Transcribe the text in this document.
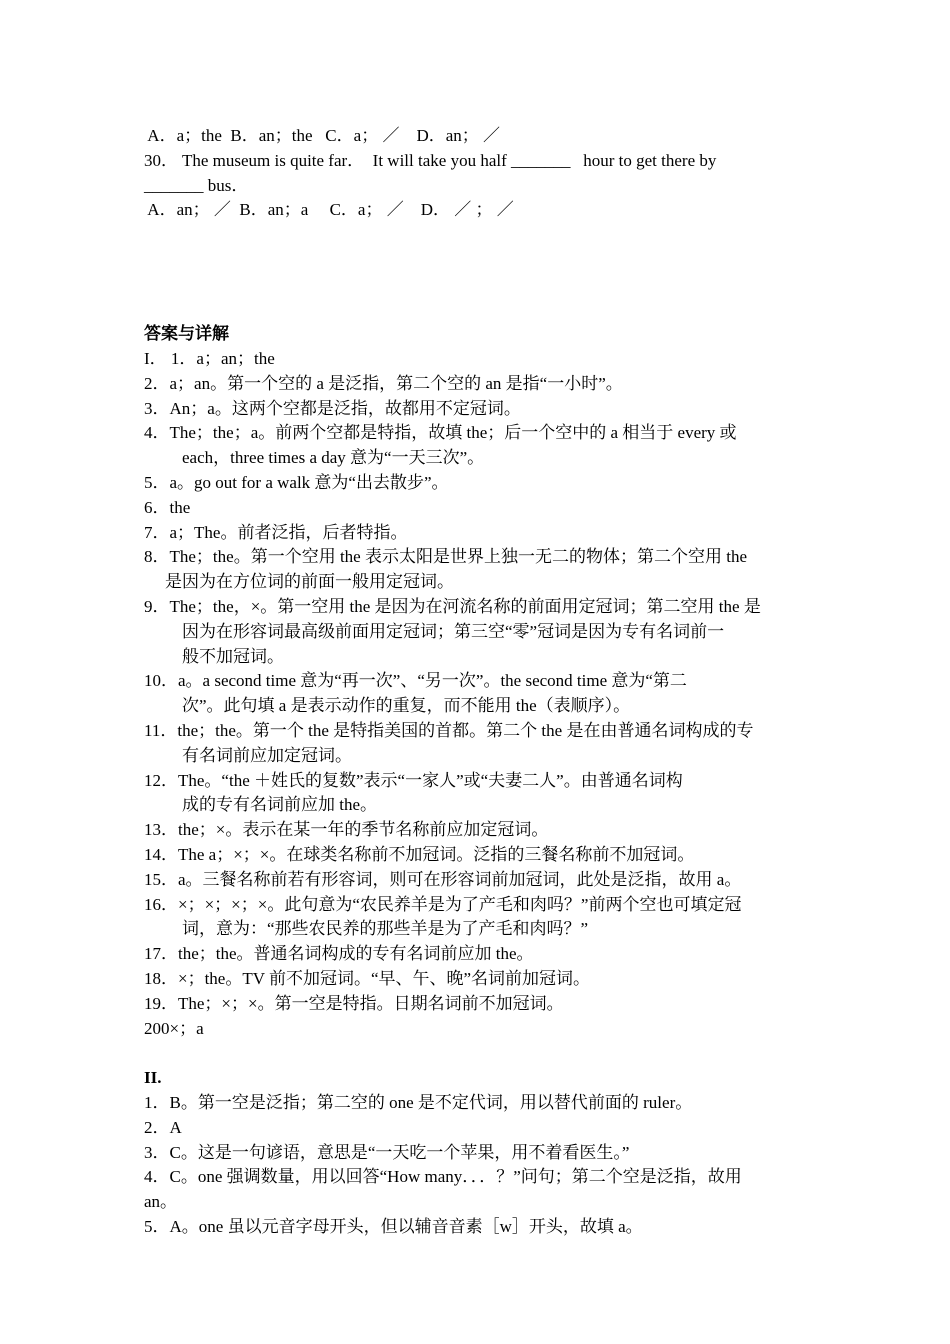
A．a；the  B．an；the   C．a； ／    D．an； ／
30． The museum is quite far．  It will take you half _______   hour to get there by
_______ bus．
A．an； ／  B．an；a     C．a； ／    D． ／ ； ／
答案与详解
I． 1．a；an；the
2．a；an。第一个空的 a 是泛指，第二个空的 an 是指“一小时”。
3．An；a。这两个空都是泛指，故都用不定冠词。
4．The；the；a。前两个空都是特指，故填 the；后一个空中的 a 相当于 every 或
each，three times a day 意为“一天三次”。
5．a。go out for a walk 意为“出去散步”。
6．the
7．a；The。前者泛指，后者特指。
8．The；the。第一个空用 the 表示太阳是世界上独一无二的物体；第二个空用 the
是因为在方位词的前面一般用定冠词。
9．The；the，×。第一空用 the 是因为在河流名称的前面用定冠词；第二空用 the 是
因为在形容词最高级前面用定冠词；第三空“零”冠词是因为专有名词前一
般不加冠词。
10．a。a second time 意为“再一次”、“另一次”。the second time 意为“第二
次”。此句填 a 是表示动作的重复，而不能用 the（表顺序）。
11．the；the。第一个 the 是特指美国的首都。第二个 the 是在由普通名词构成的专
有名词前应加定冠词。
12．The。“the ＋姓氏的复数”表示“一家人”或“夫妻二人”。由普通名词构
成的专有名词前应加 the。
13．the；×。表示在某一年的季节名称前应加定冠词。
14．The a；×；×。在球类名称前不加冠词。泛指的三餐名称前不加冠词。
15．a。三餐名称前若有形容词，则可在形容词前加冠词，此处是泛指，故用 a。
16．×；×；×；×。此句意为“农民养羊是为了产毛和肉吗？”前两个空也可填定冠
词，意为：“那些农民养的那些羊是为了产毛和肉吗？”
17．the；the。普通名词构成的专有名词前应加 the。
18．×；the。TV 前不加冠词。“早、午、晚”名词前加冠词。
19．The；×；×。第一空是特指。日期名词前不加冠词。
200×；a
II.
1．B。第一空是泛指；第二空的 one 是不定代词，用以替代前面的 ruler。
2．A
3．C。这是一句谚语，意思是“一天吃一个苹果，用不着看医生。”
4．C。one 强调数量，用以回答“How many．．．？”问句；第二个空是泛指，故用
an。
5．A。one 虽以元音字母开头，但以辅音音素［w］开头，故填 a。
